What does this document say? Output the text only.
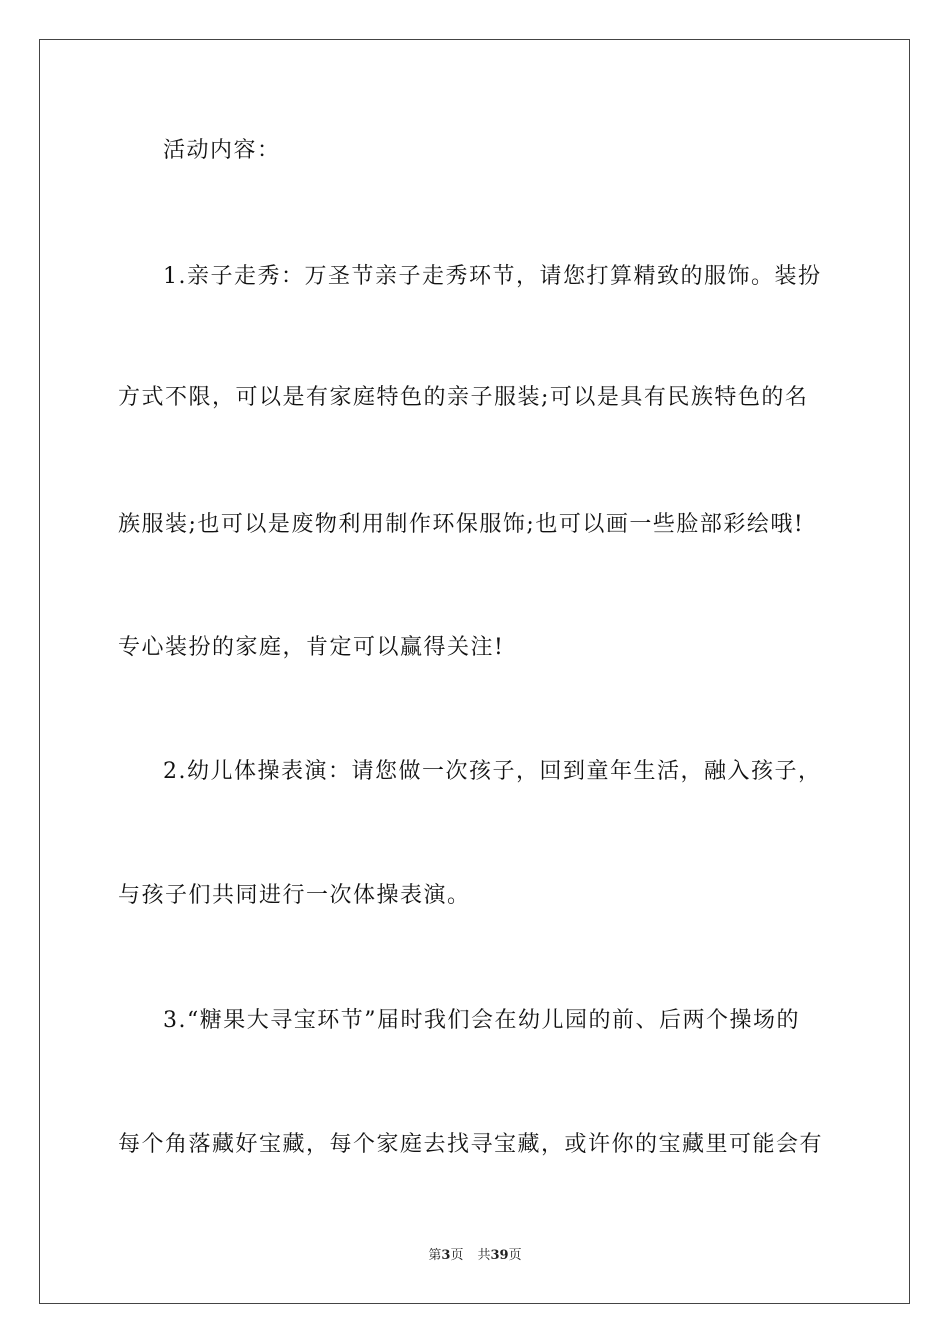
活动内容：
1.亲子走秀：万圣节亲子走秀环节，请您打算精致的服饰。装扮
方式不限，可以是有家庭特色的亲子服装;可以是具有民族特色的名
族服装;也可以是废物利用制作环保服饰;也可以画一些脸部彩绘哦!
专心装扮的家庭，肯定可以赢得关注!
2.幼儿体操表演：请您做一次孩子，回到童年生活，融入孩子，
与孩子们共同进行一次体操表演。
3.“糖果大寻宝环节”届时我们会在幼儿园的前、后两个操场的
每个角落藏好宝藏，每个家庭去找寻宝藏，或许你的宝藏里可能会有
第3页 共39页
